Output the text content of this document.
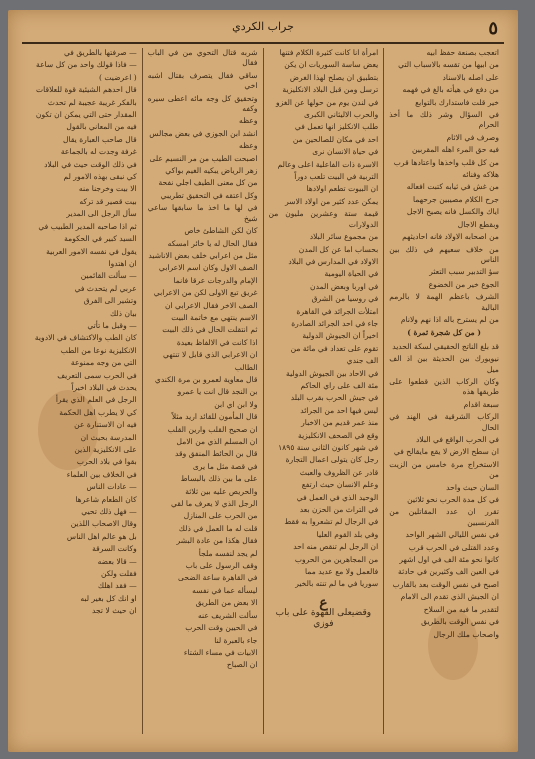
٥
جراب الكردي

اتعجب بصنعة حفظ ابيه

من ابيها من تقسه بالاسباب التي

على اصله بالاسناد

من دفع في هيأته بالغ في فهمه

خير قلت فاستدارك بالتوابع

في السؤال وشر ذلك ما أخذ الحرام

وصرف في الاثام

فيه حق المرء اهله المقربين

من كل قلب واخذها واعتادها قرب

هلاكه وفنائه

من غش في ثيابه كتبت افعاله

جرح الكلام مصيبين جرحهما

اياك والكسل فانه يصيح الاجل

وبقطع الاجال

من اصحابه الاولاد فانه احاديثهم

من خلاف سعيهم في ذلك بين الناس

سؤ التدبير سبب التعثر

الجوع خير من الخضوع

الشرف باعظم الهمة لا بالرمم البالية

من لم يسترح باله اذا نهم ولانام

( من كل شجرة ثمرة )

قد بلغ الناتج الحقيقي لسكة الحديد

نيويورك بين الحديثة بين اذ الف ميل

وكان الركاب الذين قطعوا على طريقها هذه

سبعة اقدام

الركاب الشرقية في الهند في الحال

في الحرب الواقع في البلاد

ان سطح الارض لا يقع مايقالح في

الاستخراج مرة خامس من الزيت من

السان حيث واحد

في كل مدة الحرب نحو ثلاثين

تقرر ان عدد المقاتلين من الفرنسيين

في نفس الليالي الشهر الواحد

وعدد القتلى في الحرب قرب

كانوا نحو مئة الف في اول اشهر

في العين الف وكثيرين في حادثة

اصبح في نفس الوقت بعد بالقارب

ان الجيش الذي تقدم الى الامام

لتقدير ما فيه من السلاح

في نفس الوقت بالطريق

واصحاب ملك الرجال

امرأة انا كانت كثيرة الكلام فتنها

يعض ساسة السوريات ان يكن

بتطبيق ان يصلح لهذا الغرض

ترسل ومن قبل البلاد الانكليزية

في لندن يوم من حولها عن الغزو

والحرب الاليثاني الكبرى

طلب الانكليز انها تعمل في

احد في مكان للصالحين من

في حياة الانسان نرى

الاسرة ذات الفاعلية اعلى وعالم

التربية في البيت تلعب دوراً

ان البيوت تطعم اولادها

يمكن عدد كثير من اولاد الاسر

قيمة ستة وعشرين مليون من الدولارات

من مجموع سائر البلاد

بحساب اما عن كل المدن

الاولاد في المدارس في البلاد

في الحياة اليومية

في اوربا وبعض المدن

في روسيا من الشرق

امتلأت الجرائد في القاهرة

جاء في احد الجرائد الصادرة

اخيراً ان الجيوش الدولية

تقوم على تعداد في مائة من

الف جندي

في الاحاد بين الجيوش الدولية

مئة الف على راي الحاكم

في جيش الحرب بقرب البلد

ليس فيها احد من الجرائد

منذ عمر قديم من الاخبار

وقع في الصحف الانكليزية

في شهر كانون الثاني سنة ١٨٩٥

رجل كان يتولى اعمال التجارة

قادر عن الظروف والعبث

وعلم الانسان حيث ارتفع

الوحيد الذي في العمل في

في التراث من الحزن بعد

في الرجال لم تشعروا به فقط

وفي بلد القوم العليا

ان الرجل لم تنقص منه احد

من المجاهرين من الحروب

فالعمل ولا مع عديد مما

سوريا في ما لم تنته بالخير

ع
وقضيعلى القهوة على باب فوزي

شربه قتال التحوي من في الباب فقال

ساقي فقال يتصرف بقتال اشبه اخي

وتحقيق كل وجه مائه اعطى سيره وكفه

وعظه

انشد ابن الجوزي في بعض مجالس

وعظه

اصبحت الطيب من مر النسيم على

زهر الرياض يبكيه الغيم بواكي

من كل معنى الطيف اجلي نفحة

وكل اعتقه في التحقيق تطريبي

في لها ما اخذ ما سابقها ساعي شيخ

كان لكن الشاطئ خاص

فقال الحال له يا خائر امسكه

مثل من اعرابي خلف بعض الاناشيد

الصف الاول وكان اسم الاعرابي

الإمام والدرجات عرقا فانما

غريق تبع الاولى لكن من الاعرابي

الصف الاخر فقال الاعرابي ان

الاسم ينتهي مع خاتمة البيت

ثم انتقلت الحال في ذلك البيت

اذا كانت في الالفاظ بعيدة

ان الاعرابي الذي قابل لا تنتهي

الطالب

قال معاوية لعمرو بن مرة الكندي

بن النجد قال انت يا عمرو

ولا ابن اي ابن

قال المأمون للقائد اريد مثلاً

ان صحيح القلب وارين القلب

ان المسلم الذي من الامل

قال بن الحائط المنفق وقد

في قصة مثل ما يرى

على ما بين ذلك بالبساط

والحريص عليه بين ثلاثة

الرجل الذي لا يعرف ما لقي

من الحرب على المنازل

قلت له ما العمل في ذلك

فقال هكذا من عادة البشر

لم يجد لنفسه ملجأ

وقف الرسول على باب

في القاهرة ساعة الضحى

ليسأله عما في نفسه

الا بعض من الطريق

سألت الشريف عنه

في الحيين وقت الحرب

جاء بالعبرة لنا

الابيات في مساء الشتاء

ان الصباح

— صرفتها بالطريق في

— فاذا قولك واحد من كل ساعة

( اعرضيت )

قال احدهم الشيئية قوة للعلاقات

بالفكر غريبة عجيبة لم تحدث

المقدار حتى التي يمكن ان تكون

فيه من المعاني بالقول

قال صاحب العبارة يقال

غرفة وجدت له بالجماعة

في ذلك الوقت حيث في البلاد

كي نبقى بهذه الامور لم

الا بيت وخرجنا منه

بيت قصير قد تركه

سأل الرجل الى المدير

ثم اذا صاحبه المدير الطبيب في

السيد كبير في الحكومة

يقول في نفسه الامور العربية

ان اهتدوا

— سألت القائمين

عربي لم يتحدث في

وتشير الى الفرق

بيان ذلك

— وقبل ما تأتي

كان الطب والاكتشاف في الادوية

الانكليزية نوعا من الطب

التي من وجه ممنوعة

في الحرب سمى التعريف

يحدث في البلاد اخيراً

الرجل في العلم الذي يقرأ

كي لا يطرب اهل الحكمة

فيه ان الاستنارة عن

المدرسة بحيث ان

على الانكليزية الذين

بقوا في بلاد الحرب

في الخلاف بين العلماء

— عادات الناس

كان الطعام شاعرها

— فهل ذلك تحيي

وقال الاصحاب اللذين

بل هو عالم اهل الناس

وكانت السرقة

— قالا بعضه

فقلت ولكن

— فقد اهلك

او انك كل بغير لبه

ان حيث لا تجد
